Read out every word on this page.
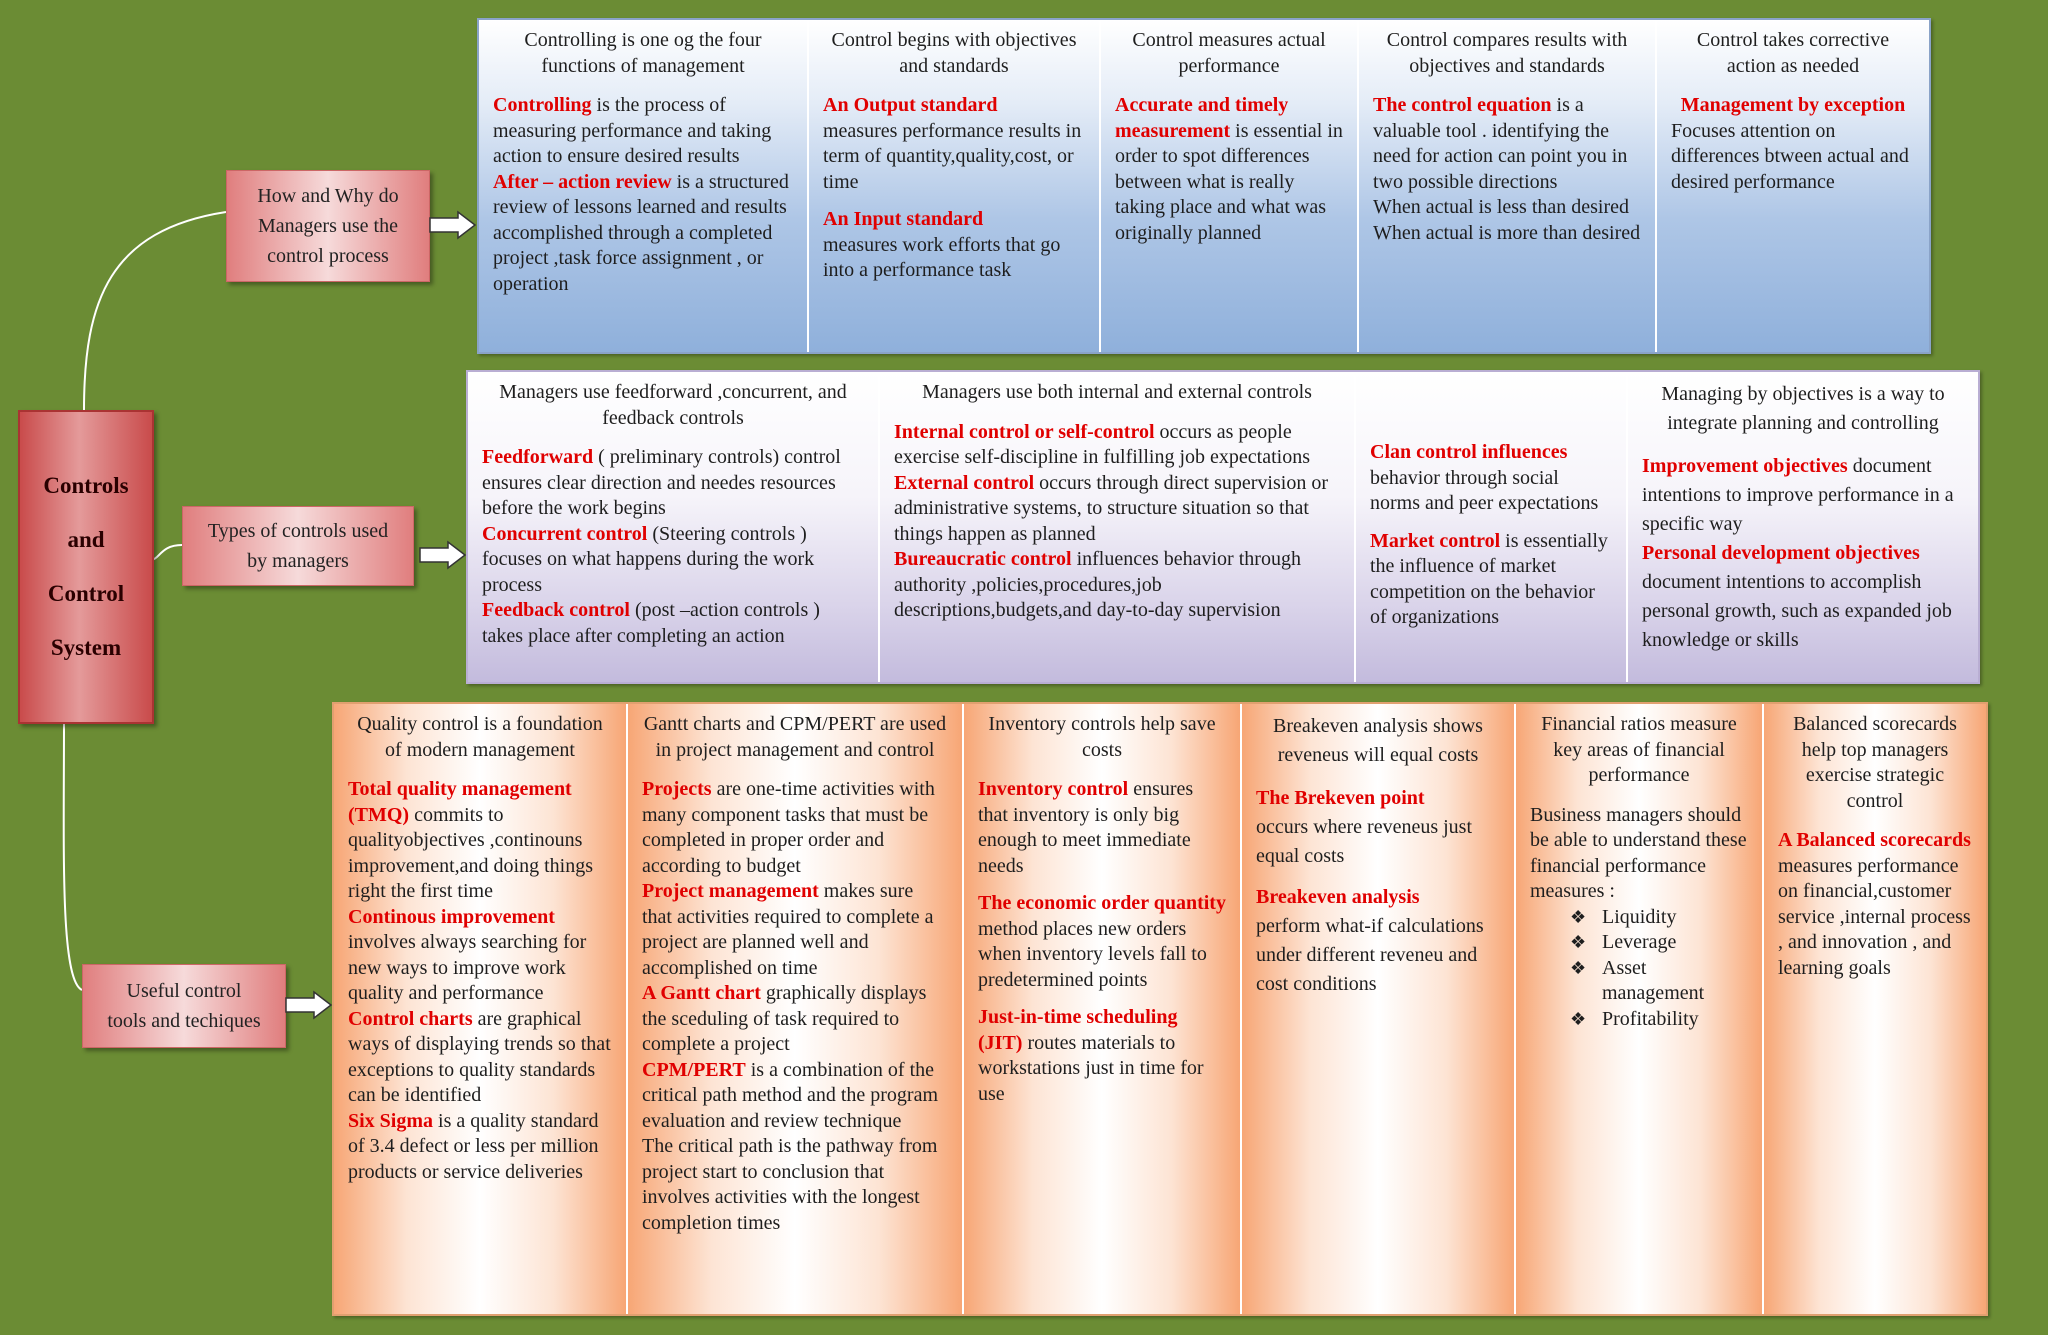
Controls
and
Control
System
How and Why do
Managers use the
control process
Types of controls used
by managers
Useful control
tools and techiques
Controlling is one og the four functions of management
Controlling is the process of measuring performance and taking action to ensure desired results
After – action review is a structured review of lessons learned and results accomplished through a completed project ,task force assignment , or operation
Control begins with objectives and standards
An Output standard
measures performance results in term of quantity,quality,cost, or time
An Input standard
measures work efforts that go into a performance task
Control measures actual performance
Accurate and timely measurement is essential in order to spot differences between what is really taking place and what was originally planned
Control compares results with objectives and standards
The control equation is a valuable tool . identifying the need for action can point you in two possible directions
When actual is less than desired
When actual is more than desired
Control takes corrective action as needed
Management by exception
Focuses attention on differences btween actual and desired performance
Managers use feedforward ,concurrent, and feedback controls
Feedforward ( preliminary controls) control ensures clear direction and needes resources before the work begins
Concurrent control (Steering controls ) focuses on what happens during the work process
Feedback control (post –action controls ) takes place after completing an action
Managers use both internal and external controls
Internal control or self-control occurs as people exercise self-discipline in fulfilling job expectations
External control occurs through direct supervision or administrative systems, to structure situation so that things happen as planned
Bureaucratic control influences behavior through authority ,policies,procedures,job descriptions,budgets,and day-to-day supervision
Clan control influences behavior through social norms and peer expectations
Market control is essentially the influence of market competition on the behavior of organizations
Managing by objectives is a way to integrate planning and controlling
Improvement objectives document intentions to improve performance in a specific way
Personal development objectives document intentions to accomplish personal growth, such as expanded job knowledge or skills
Quality control is a foundation of modern management
Total quality management (TMQ) commits to qualityobjectives ,continouns improvement,and doing things right the first time
Continous improvement involves always searching for new ways to improve work quality and performance
Control charts are graphical ways of displaying trends so that exceptions to quality standards can be identified
Six Sigma is a quality standard of 3.4 defect or less per million products or service deliveries
Gantt charts and CPM/PERT are used in project management and control
Projects are one-time activities with many component tasks that must be completed in proper order and according to budget
Project management makes sure that activities required to complete a project are planned well and accomplished on time
A Gantt chart graphically displays the sceduling of task required to complete a project
CPM/PERT is a combination of the critical path method and the program evaluation and review technique
The critical path is the pathway from project start to conclusion that involves activities with the longest completion times
Inventory controls help save costs
Inventory control ensures that inventory is only big enough to meet immediate needs
The economic order quantity method places new orders when inventory levels fall to predetermined points
Just-in-time scheduling (JIT) routes materials to workstations just in time for use
Breakeven analysis shows reveneus will equal costs
The Brekeven point
occurs where reveneus just equal costs
Breakeven analysis
perform what-if calculations under different reveneu and cost conditions
Financial ratios measure key areas of financial performance
Business managers should be able to understand these financial performance measures :
❖ Liquidity
❖ Leverage
❖ Asset management
❖ Profitability
Balanced scorecards help top managers exercise strategic control
A Balanced scorecards measures performance on financial,customer service ,internal process , and innovation , and learning goals
